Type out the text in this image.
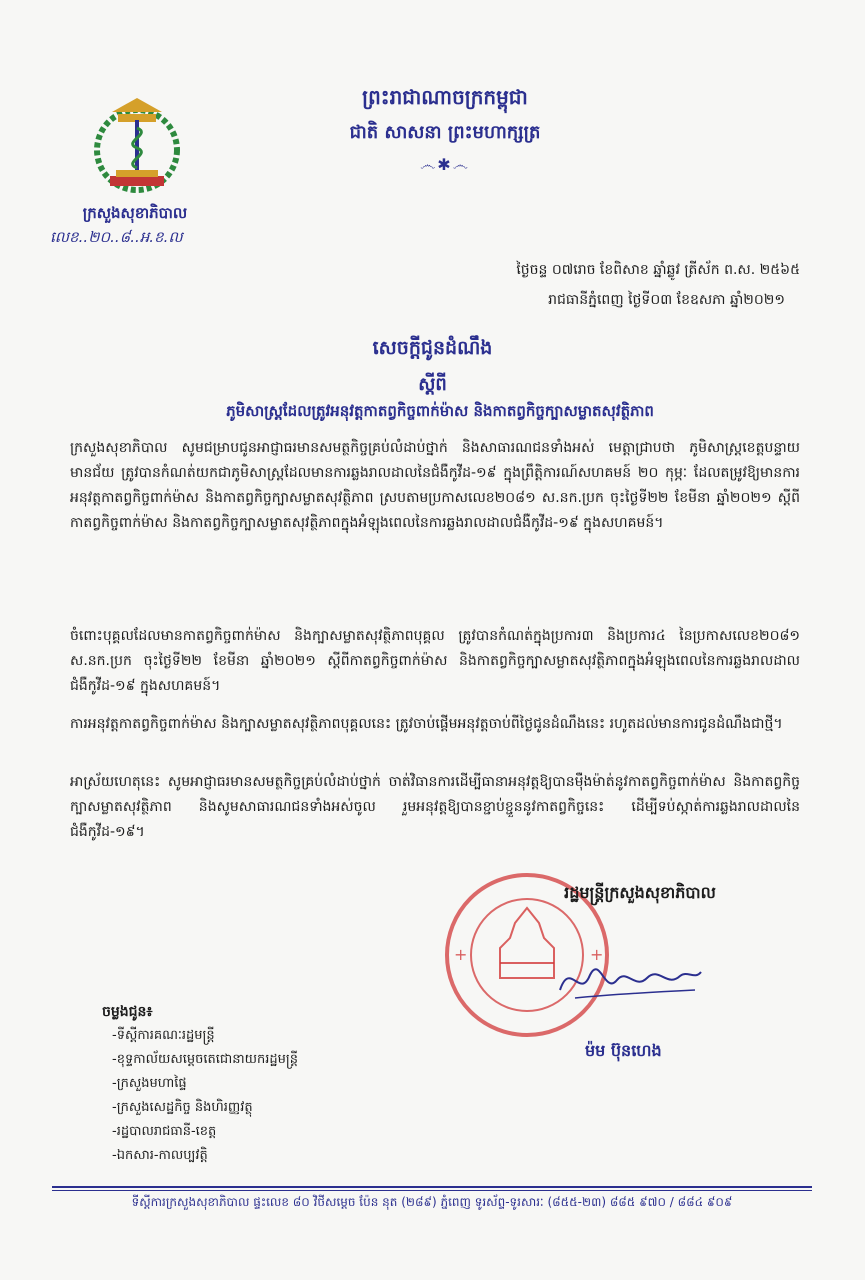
ក្រសួងសុខាភិបាល
លេខ..២០..៨..អ.ខ.ល
ព្រះរាជាណាចក្រកម្ពុជា
ជាតិ សាសនា ព្រះមហាក្សត្រ
෴✱෴
ថ្ងៃចន្ទ ០៧រោច ខែពិសាខ ឆ្នាំឆ្លូវ ត្រីស័ក ព.ស. ២៥៦៥
រាជធានីភ្នំពេញ ថ្ងៃទី០៣ ខែឧសភា ឆ្នាំ២០២១
សេចក្តីជូនដំណឹង
ស្តីពី
ភូមិសាស្ត្រដែលត្រូវអនុវត្តកាតព្វកិច្ចពាក់ម៉ាស និងកាតព្វកិច្ចក្បាសម្លាតសុវត្ថិភាព
ក្រសួងសុខាភិបាល សូមជម្រាបជូនអាជ្ញាធរមានសមត្ថកិច្ចគ្រប់លំដាប់ថ្នាក់ និងសាធារណជនទាំងអស់ មេត្តាជ្រាបថា ភូមិសាស្ត្រខេត្តបន្ទាយមានជ័យ ត្រូវបានកំណត់យកជាភូមិសាស្ត្រដែលមានការឆ្លងរាលដាលនៃជំងឺកូវីដ-១៩ ក្នុងព្រឹត្តិការណ៍សហគមន៍ ២០ កុម្ភៈ ដែលតម្រូវឱ្យមានការអនុវត្តកាតព្វកិច្ចពាក់ម៉ាស និងកាតព្វកិច្ចក្បាសម្លាតសុវត្ថិភាព ស្របតាមប្រកាសលេខ២០៨១ ស.នក.ប្រក ចុះថ្ងៃទី២២ ខែមីនា ឆ្នាំ២០២១ ស្តីពីកាតព្វកិច្ចពាក់ម៉ាស និងកាតព្វកិច្ចក្បាសម្លាតសុវត្ថិភាពក្នុងអំឡុងពេលនៃការឆ្លងរាលដាលជំងឺកូវីដ-១៩ ក្នុងសហគមន៍។
ចំពោះបុគ្គលដែលមានកាតព្វកិច្ចពាក់ម៉ាស និងក្បាសម្លាតសុវត្ថិភាពបុគ្គល ត្រូវបានកំណត់ក្នុងប្រការ៣ និងប្រការ៤ នៃប្រកាសលេខ២០៨១ ស.នក.ប្រក ចុះថ្ងៃទី២២ ខែមីនា ឆ្នាំ២០២១ ស្តីពីកាតព្វកិច្ចពាក់ម៉ាស និងកាតព្វកិច្ចក្បាសម្លាតសុវត្ថិភាពក្នុងអំឡុងពេលនៃការឆ្លងរាលដាលជំងឺកូវីដ-១៩ ក្នុងសហគមន៍។
ការអនុវត្តកាតព្វកិច្ចពាក់ម៉ាស និងក្បាសម្លាតសុវត្ថិភាពបុគ្គលនេះ ត្រូវចាប់ផ្តើមអនុវត្តចាប់ពីថ្ងៃជូនដំណឹងនេះ រហូតដល់មានការជូនដំណឹងជាថ្មី។
អាស្រ័យហេតុនេះ សូមអាជ្ញាធរមានសមត្ថកិច្ចគ្រប់លំដាប់ថ្នាក់ ចាត់វិធានការដើម្បីធានាអនុវត្តឱ្យបានម៉ឺងម៉ាត់នូវកាតព្វកិច្ចពាក់ម៉ាស និងកាតព្វកិច្ចក្បាសម្លាតសុវត្ថិភាព និងសូមសាធារណជនទាំងអស់ចូល រួមអនុវត្តឱ្យបានខ្ជាប់ខ្ជួននូវកាតព្វកិច្ចនេះ ដើម្បីទប់ស្កាត់ការឆ្លងរាលដាលនៃជំងឺកូវីដ-១៩។
+	+
រដ្ឋមន្ត្រីក្រសួងសុខាភិបាល
ម៉ម ប៊ុនហេង
ចម្លងជូន៖
-ទីស្តីការគណៈរដ្ឋមន្ត្រី
-ខុទ្ទកាល័យសម្តេចតេជោនាយករដ្ឋមន្ត្រី
-ក្រសួងមហាផ្ទៃ
-ក្រសួងសេដ្ឋកិច្ច និងហិរញ្ញវត្ថុ
-រដ្ឋបាលរាជធានី-ខេត្ត
-ឯកសារ-កាលប្បវត្តិ
ទីស្តីការក្រសួងសុខាភិបាល ផ្ទះលេខ ៨០ វិថីសម្តេច ប៉ែន នុត (២៨៩) ភ្នំពេញ ទូរស័ព្ទ-ទូរសារៈ (៨៥៥-២៣) ៨៨៥ ៩៧០ / ៨៨៤ ៩០៩
